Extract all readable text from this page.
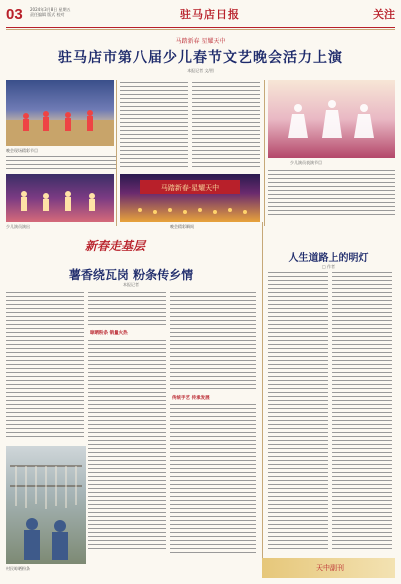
03 2024年3月8日 星期五
责任编辑 版式 校对	驻马店日报	关注
马踏新春 星耀天中
驻马店市第八届少儿春节文艺晚会活力上演
本报记者 文/图
晚会现场精彩节目
少儿演员表演节目
马踏新春·星耀天中
晚会精彩瞬间
少儿演员演出
新春走基层
薯香绕瓦岗 粉条传乡情
本报记者
晾晒粉条 销量火热
传统手艺 传承发展
村民晾晒粉条
人生道路上的明灯
□ 作者
天中副刊
